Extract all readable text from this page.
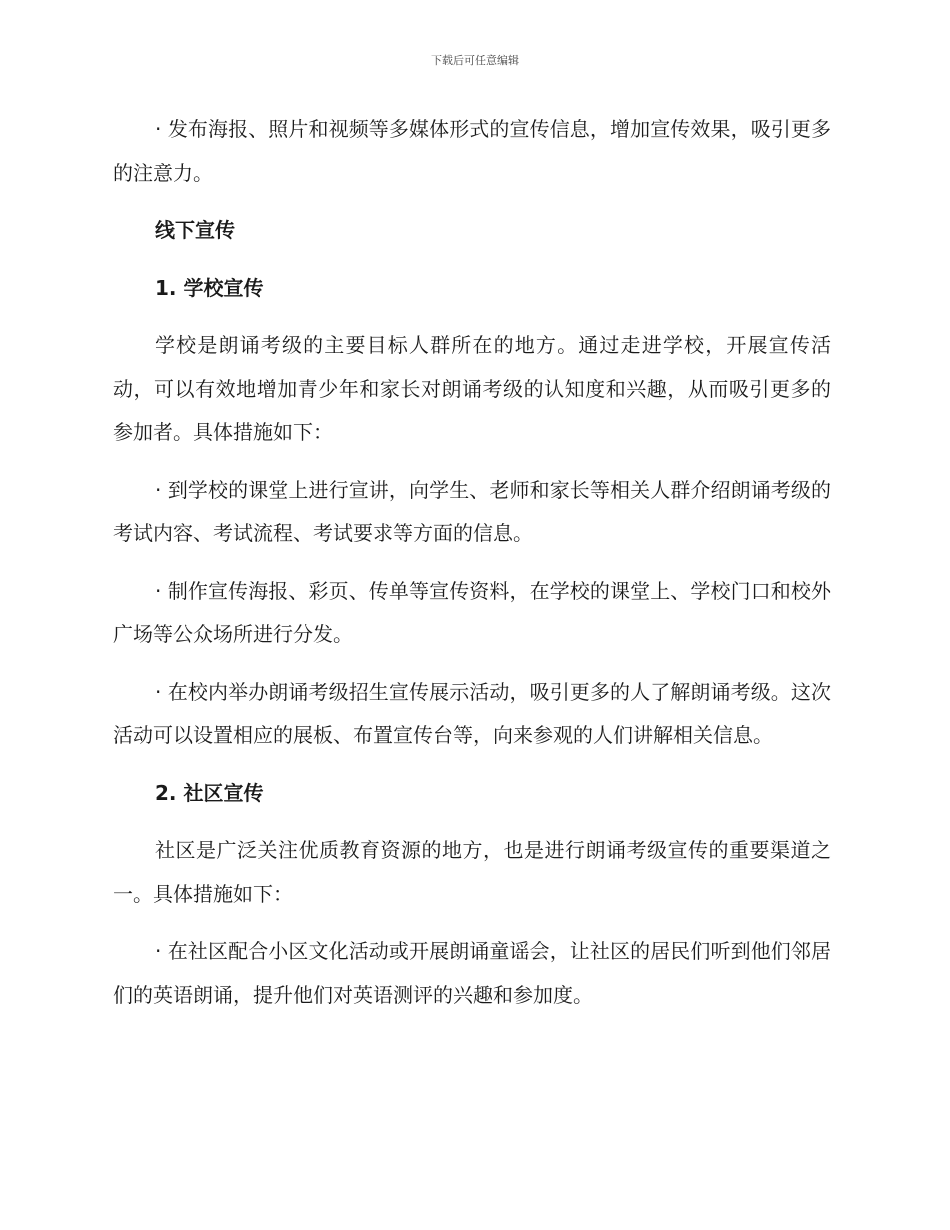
下载后可任意编辑

· 发布海报、照片和视频等多媒体形式的宣传信息，增加宣传效果，吸引更多的注意力。

线下宣传

1. 学校宣传

学校是朗诵考级的主要目标人群所在的地方。通过走进学校，开展宣传活动，可以有效地增加青少年和家长对朗诵考级的认知度和兴趣，从而吸引更多的参加者。具体措施如下：

· 到学校的课堂上进行宣讲，向学生、老师和家长等相关人群介绍朗诵考级的考试内容、考试流程、考试要求等方面的信息。

· 制作宣传海报、彩页、传单等宣传资料，在学校的课堂上、学校门口和校外广场等公众场所进行分发。

· 在校内举办朗诵考级招生宣传展示活动，吸引更多的人了解朗诵考级。这次活动可以设置相应的展板、布置宣传台等，向来参观的人们讲解相关信息。

2. 社区宣传

社区是广泛关注优质教育资源的地方，也是进行朗诵考级宣传的重要渠道之一。具体措施如下：

· 在社区配合小区文化活动或开展朗诵童谣会，让社区的居民们听到他们邻居们的英语朗诵，提升他们对英语测评的兴趣和参加度。
